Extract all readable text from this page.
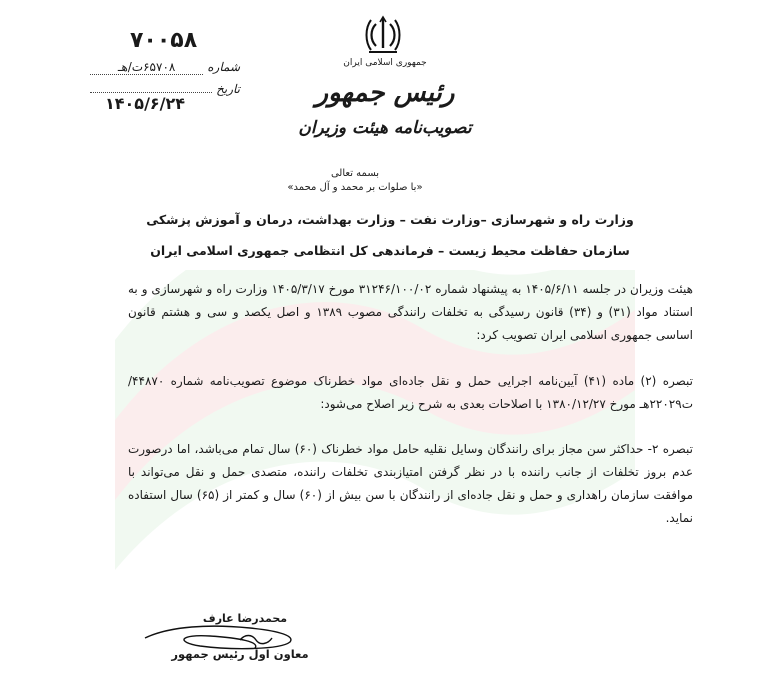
۷۰۰۵۸
شماره
۶۵۷۰۸ت/هـ
تاریخ
۱۴۰۵/۶/۲۴
جمهوری اسلامی ایران
رئیس جمهور
تصویب‌نامه هیئت وزیران
بسمه تعالی
«با صلوات بر محمد و آل محمد»
وزارت راه و شهرسازی –وزارت نفت – وزارت بهداشت، درمان و آموزش پزشکی
سازمان حفاظت محیط زیست – فرماندهی کل انتظامی جمهوری اسلامی ایران
هیئت وزیران در جلسه ۱۴۰۵/۶/۱۱ به پیشنهاد شماره ۳۱۲۴۶/۱۰۰/۰۲ مورخ ۱۴۰۵/۳/۱۷ وزارت راه و شهرسازی و به استناد مواد (۳۱) و (۳۴) قانون رسیدگی به تخلفات رانندگی مصوب ۱۳۸۹ و اصل یکصد و سی و هشتم قانون اساسی جمهوری اسلامی ایران تصویب کرد:
تبصره (۲) ماده (۴۱) آیین‌نامه اجرایی حمل و نقل جاده‌ای مواد خطرناک موضوع تصویب‌نامه شماره ۴۴۸۷۰/ت۲۲۰۲۹هـ مورخ ۱۳۸۰/۱۲/۲۷ با اصلاحات بعدی به شرح زیر اصلاح می‌شود:
تبصره ۲- حداکثر سن مجاز برای رانندگان وسایل نقلیه حامل مواد خطرناک (۶۰) سال تمام می‌باشد، اما درصورت عدم بروز تخلفات از جانب راننده با در نظر گرفتن امتیازبندی تخلفات راننده، متصدی حمل و نقل می‌تواند با موافقت سازمان راهداری و حمل و نقل جاده‌ای از رانندگان با سن بیش از (۶۰) سال و کمتر از (۶۵) سال استفاده نماید.
محمدرضا عارف
معاون اول رئیس جمهور
